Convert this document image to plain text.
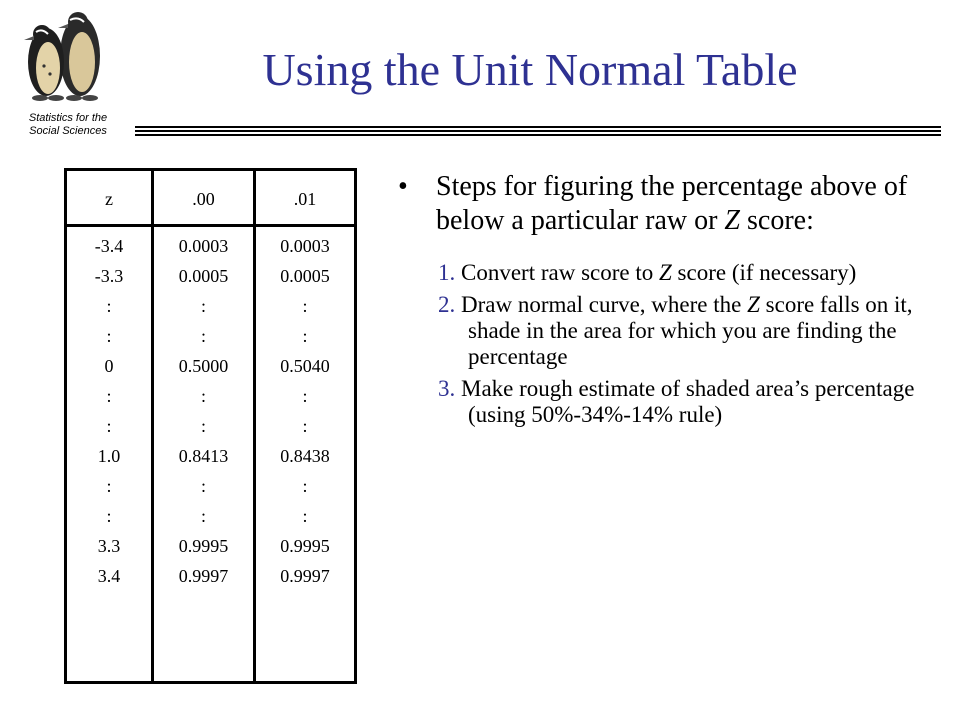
Statistics for the
Social Sciences
Using the Unit Normal Table
z	.00	.01
-3.4
-3.3
:
:
0
:
:
1.0
:
:
3.3
3.4
0.0003
0.0005
:
:
0.5000
:
:
0.8413
:
:
0.9995
0.9997
0.0003
0.0005
:
:
0.5040
:
:
0.8438
:
:
0.9995
0.9997
• Steps for figuring the percentage above of below a particular raw or Z score:
1. Convert raw score to Z score (if necessary)
2. Draw normal curve, where the Z score falls on it, shade in the area for which you are finding the percentage
3. Make rough estimate of shaded area’s percentage (using 50%-34%-14% rule)
